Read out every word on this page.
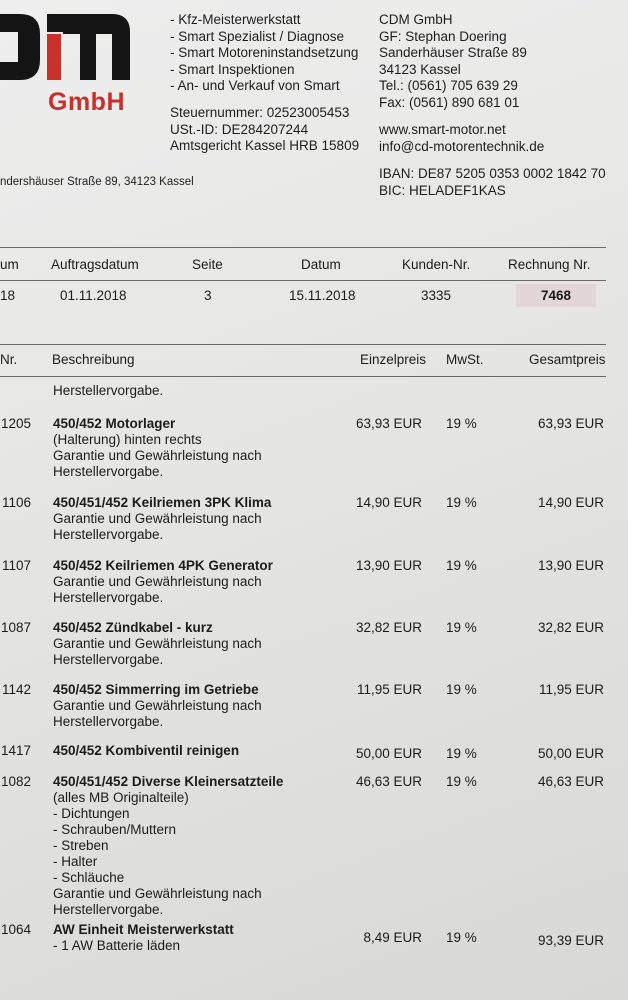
GmbH
ndershäuser Straße 89, 34123 Kassel
- Kfz-Meisterwerkstatt
- Smart Spezialist / Diagnose
- Smart Motoreninstandsetzung
- Smart Inspektionen
- An- und Verkauf von Smart
Steuernummer: 02523005453
USt.-ID: DE284207244
Amtsgericht Kassel HRB 15809
CDM GmbH
GF: Stephan Doering
Sanderhäuser Straße 89
34123 Kassel
Tel.: (0561) 705 639 29
Fax: (0561) 890 681 01
www.smart-motor.net
info@cd-motorentechnik.de
IBAN: DE87 5205 0353 0002 1842 70
BIC: HELADEF1KAS
um Auftragsdatum	Seite	Datum	Kunden-Nr.	Rechnung Nr.
18	01.11.2018	3	15.11.2018	3335	7468
Nr.	Beschreibung	Einzelpreis MwSt.	Gesamtpreis
Herstellervorgabe.
1205 450/452 Motorlager
(Halterung) hinten rechts
Garantie und Gewährleistung nach
Herstellervorgabe.
63,93 EUR 19 %	63,93 EUR
1106 450/451/452 Keilriemen 3PK Klima
Garantie und Gewährleistung nach
Herstellervorgabe.
14,90 EUR 19 %	14,90 EUR
1107 450/452 Keilriemen 4PK Generator
Garantie und Gewährleistung nach
Herstellervorgabe.
13,90 EUR 19 %	13,90 EUR
1087 450/452 Zündkabel - kurz
Garantie und Gewährleistung nach
Herstellervorgabe.
32,82 EUR 19 %	32,82 EUR
1142 450/452 Simmerring im Getriebe
Garantie und Gewährleistung nach
Herstellervorgabe.
11,95 EUR 19 %	11,95 EUR
1417 450/452 Kombiventil reinigen	50,00 EUR 19 %	50,00 EUR
1082 450/451/452 Diverse Kleinersatzteile
(alles MB Originalteile)
- Dichtungen
- Schrauben/Muttern
- Streben
- Halter
- Schläuche
Garantie und Gewährleistung nach
Herstellervorgabe.
46,63 EUR 19 %	46,63 EUR
1064 AW Einheit Meisterwerkstatt
- 1 AW Batterie läden
8,49 EUR 19 %	93,39 EUR
